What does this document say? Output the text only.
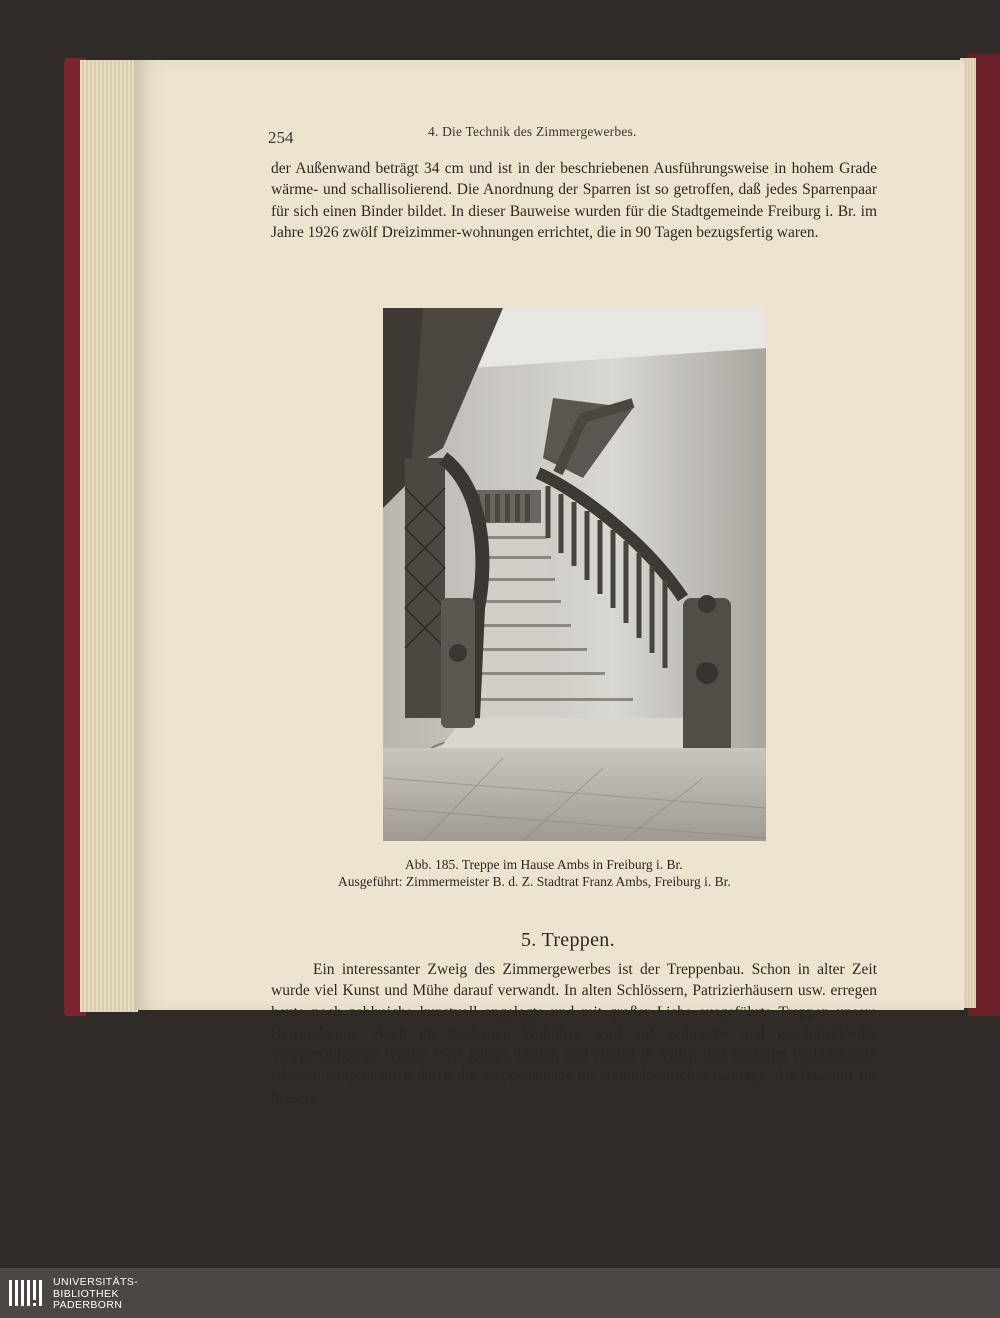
254	4. Die Technik des Zimmergewerbes.

der Außenwand beträgt 34 cm und ist in der beschriebenen Ausführungsweise in hohem Grade wärme- und schallisolierend. Die Anordnung der Sparren ist so getroffen, daß jedes Sparrenpaar für sich einen Binder bildet. In dieser Bauweise wurden für die Stadtgemeinde Freiburg i. Br. im Jahre 1926 zwölf Dreizimmer-wohnungen errichtet, die in 90 Tagen bezugsfertig waren.

Abb. 185. Treppe im Hause Ambs in Freiburg i. Br.
Ausgeführt: Zimmermeister B. d. Z. Stadtrat Franz Ambs, Freiburg i. Br.
5. Treppen.

Ein interessanter Zweig des Zimmergewerbes ist der Treppenbau. Schon in alter Zeit wurde viel Kunst und Mühe darauf verwandt. In alten Schlössern, Patrizierhäusern usw. erregen heute noch zahlreiche kunstvoll angelegte und mit großer Liebe ausgeführte Treppen unsere Bewunderung. Auch im modernen Wohnbau wird auf gediegene und geschmackvolle Treppenaufgänge wieder Wert gelegt. Dielen und Hallen in Villen und besseren Wohnhäusern erhalten hauptsächlich durch die Treppenanlage ihr architektonisches Gepräge. Als Baustoff für bessere

UNIVERSITÄTS-
BIBLIOTHEK
PADERBORN
